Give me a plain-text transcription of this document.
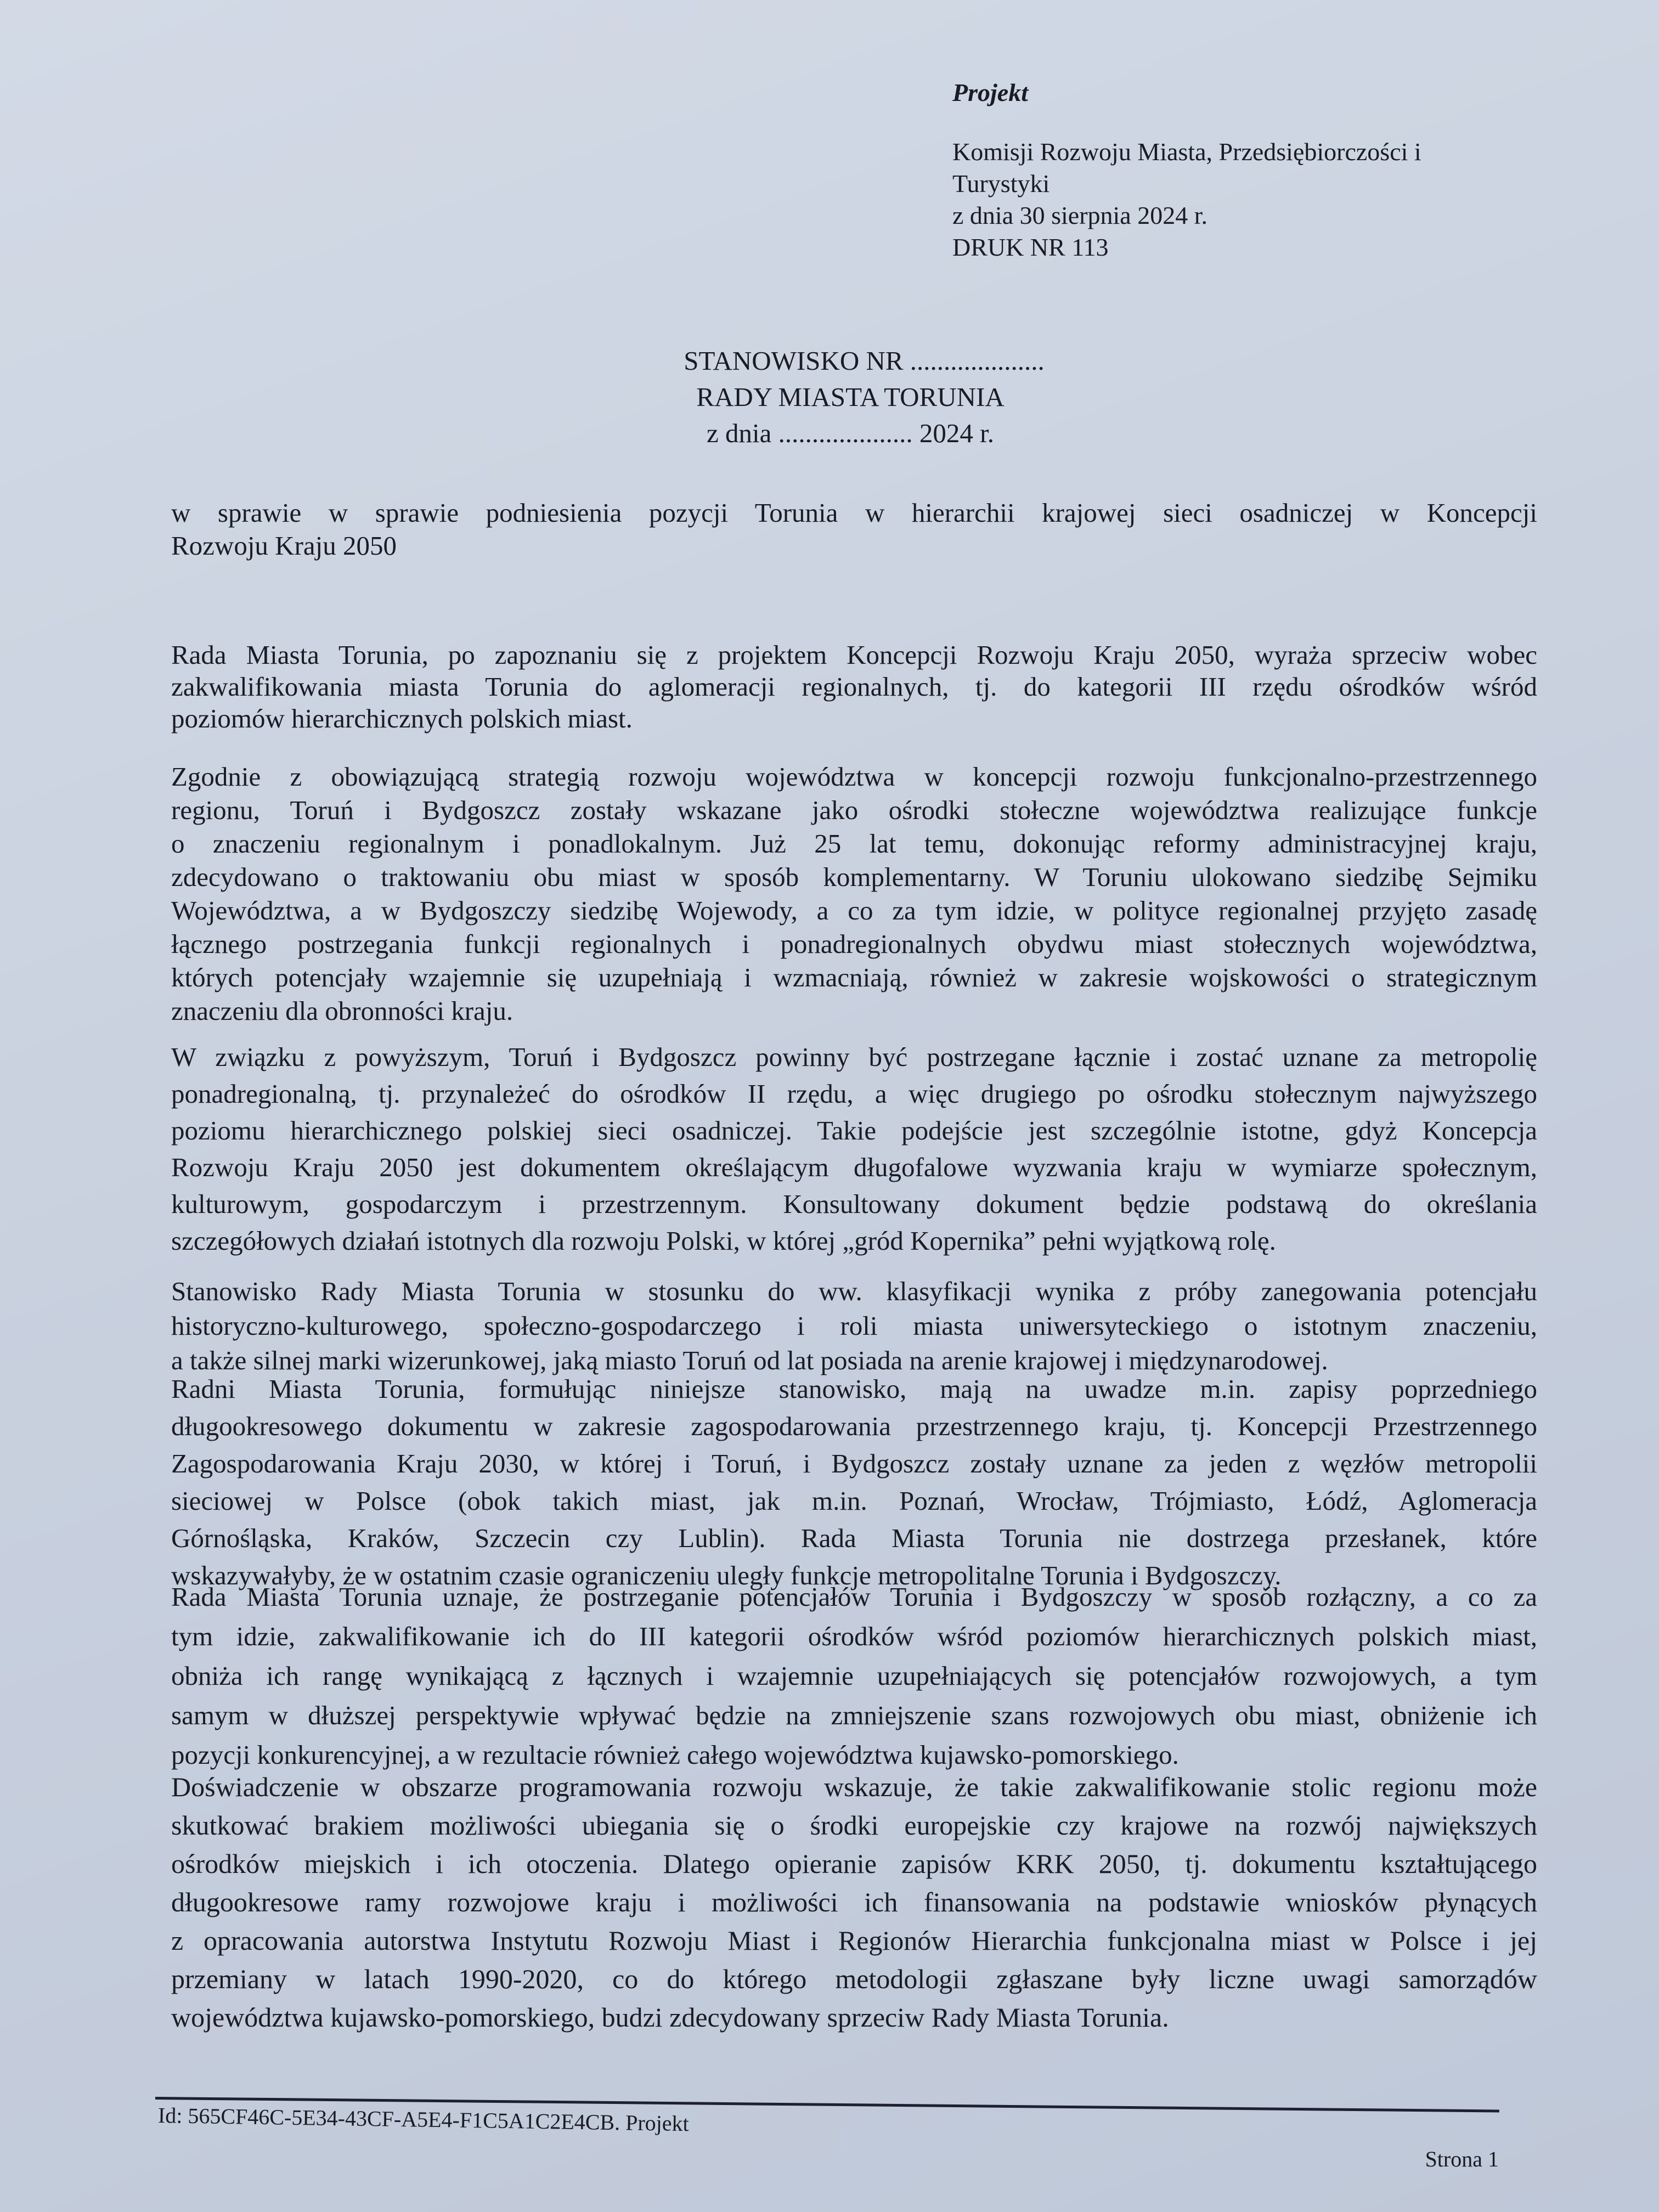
Projekt
Komisji Rozwoju Miasta, Przedsiębiorczości i
Turystyki
z dnia 30 sierpnia 2024 r.
DRUK NR 113
STANOWISKO NR ....................
RADY MIASTA TORUNIA
z dnia .................... 2024 r.
w sprawie w sprawie podniesienia pozycji Torunia w hierarchii krajowej sieci osadniczej w Koncepcji
Rozwoju Kraju 2050
Rada Miasta Torunia, po zapoznaniu się z projektem Koncepcji Rozwoju Kraju 2050, wyraża sprzeciw wobec
zakwalifikowania miasta Torunia do aglomeracji regionalnych, tj. do kategorii III rzędu ośrodków wśród
poziomów hierarchicznych polskich miast.
Zgodnie z obowiązującą strategią rozwoju województwa w koncepcji rozwoju funkcjonalno-przestrzennego
regionu, Toruń i Bydgoszcz zostały wskazane jako ośrodki stołeczne województwa realizujące funkcje
o znaczeniu regionalnym i ponadlokalnym. Już 25 lat temu, dokonując reformy administracyjnej kraju,
zdecydowano o traktowaniu obu miast w sposób komplementarny. W Toruniu ulokowano siedzibę Sejmiku
Województwa, a w Bydgoszczy siedzibę Wojewody, a co za tym idzie, w polityce regionalnej przyjęto zasadę
łącznego postrzegania funkcji regionalnych i ponadregionalnych obydwu miast stołecznych województwa,
których potencjały wzajemnie się uzupełniają i wzmacniają, również w zakresie wojskowości o strategicznym
znaczeniu dla obronności kraju.
W związku z powyższym, Toruń i Bydgoszcz powinny być postrzegane łącznie i zostać uznane za metropolię
ponadregionalną, tj. przynależeć do ośrodków II rzędu, a więc drugiego po ośrodku stołecznym najwyższego
poziomu hierarchicznego polskiej sieci osadniczej. Takie podejście jest szczególnie istotne, gdyż Koncepcja
Rozwoju Kraju 2050 jest dokumentem określającym długofalowe wyzwania kraju w wymiarze społecznym,
kulturowym, gospodarczym i przestrzennym. Konsultowany dokument będzie podstawą do określania
szczegółowych działań istotnych dla rozwoju Polski, w której „gród Kopernika” pełni wyjątkową rolę.
Stanowisko Rady Miasta Torunia w stosunku do ww. klasyfikacji wynika z próby zanegowania potencjału
historyczno-kulturowego, społeczno-gospodarczego i roli miasta uniwersyteckiego o istotnym znaczeniu,
a także silnej marki wizerunkowej, jaką miasto Toruń od lat posiada na arenie krajowej i międzynarodowej.
Radni Miasta Torunia, formułując niniejsze stanowisko, mają na uwadze m.in. zapisy poprzedniego
długookresowego dokumentu w zakresie zagospodarowania przestrzennego kraju, tj. Koncepcji Przestrzennego
Zagospodarowania Kraju 2030, w której i Toruń, i Bydgoszcz zostały uznane za jeden z węzłów metropolii
sieciowej w Polsce (obok takich miast, jak m.in. Poznań, Wrocław, Trójmiasto, Łódź, Aglomeracja
Górnośląska, Kraków, Szczecin czy Lublin). Rada Miasta Torunia nie dostrzega przesłanek, które
wskazywałyby, że w ostatnim czasie ograniczeniu uległy funkcje metropolitalne Torunia i Bydgoszczy.
Rada Miasta Torunia uznaje, że postrzeganie potencjałów Torunia i Bydgoszczy w sposób rozłączny, a co za
tym idzie, zakwalifikowanie ich do III kategorii ośrodków wśród poziomów hierarchicznych polskich miast,
obniża ich rangę wynikającą z łącznych i wzajemnie uzupełniających się potencjałów rozwojowych, a tym
samym w dłuższej perspektywie wpływać będzie na zmniejszenie szans rozwojowych obu miast, obniżenie ich
pozycji konkurencyjnej, a w rezultacie również całego województwa kujawsko-pomorskiego.
Doświadczenie w obszarze programowania rozwoju wskazuje, że takie zakwalifikowanie stolic regionu może
skutkować brakiem możliwości ubiegania się o środki europejskie czy krajowe na rozwój największych
ośrodków miejskich i ich otoczenia. Dlatego opieranie zapisów KRK 2050, tj. dokumentu kształtującego
długookresowe ramy rozwojowe kraju i możliwości ich finansowania na podstawie wniosków płynących
z opracowania autorstwa Instytutu Rozwoju Miast i Regionów Hierarchia funkcjonalna miast w Polsce i jej
przemiany w latach 1990-2020, co do którego metodologii zgłaszane były liczne uwagi samorządów
województwa kujawsko-pomorskiego, budzi zdecydowany sprzeciw Rady Miasta Torunia.
Id: 565CF46C-5E34-43CF-A5E4-F1C5A1C2E4CB. Projekt
Strona 1
